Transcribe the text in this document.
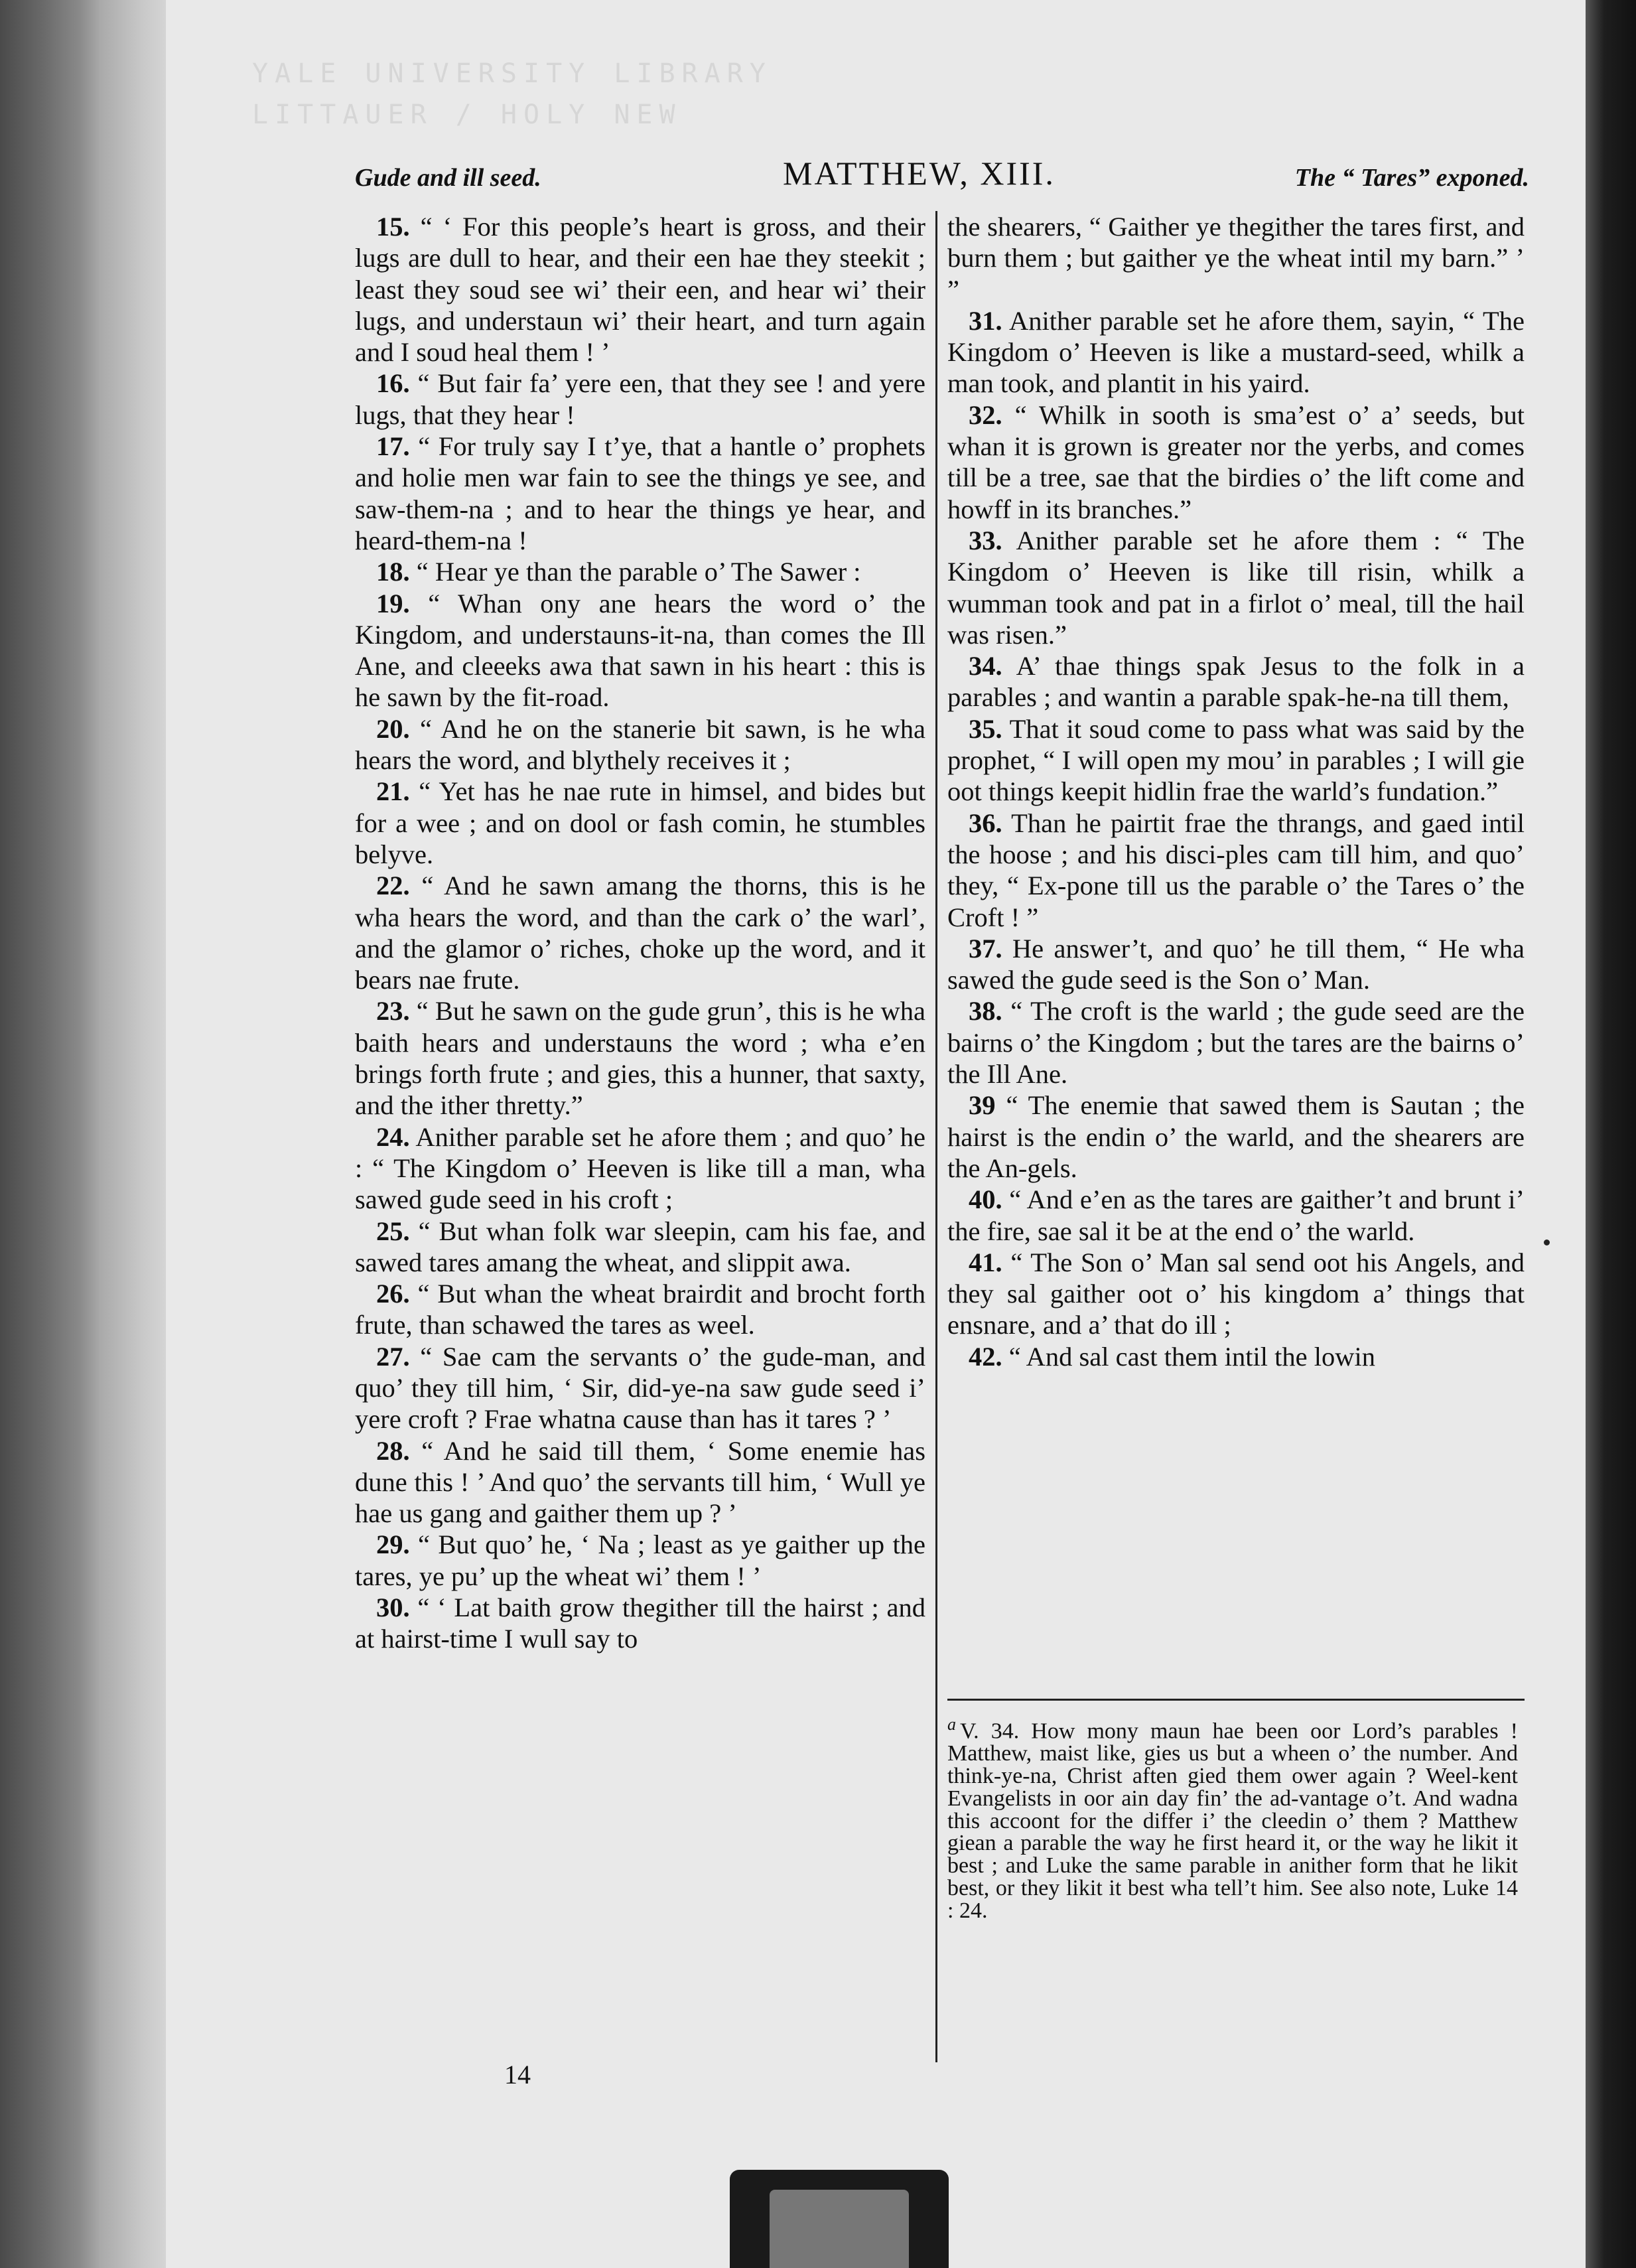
YALE UNIVERSITY LIBRARY
LITTAUER / HOLY NEW
Gude and ill seed.	MATTHEW, XIII.	The “ Tares” exponed.

15. “ ‘ For this people’s heart is gross, and their lugs are dull to hear, and their een hae they steekit ; least they soud see wi’ their een, and hear wi’ their lugs, and understaun wi’ their heart, and turn again and I soud heal them ! ’

16. “ But fair fa’ yere een, that they see ! and yere lugs, that they hear !

17. “ For truly say I t’ye, that a hantle o’ prophets and holie men war fain to see the things ye see, and saw-them-na ; and to hear the things ye hear, and heard-them-na !

18. “ Hear ye than the parable o’ The Sawer :

19. “ Whan ony ane hears the word o’ the Kingdom, and understauns-it-na, than comes the Ill Ane, and cleeeks awa that sawn in his heart : this is he sawn by the fit-road.

20. “ And he on the stanerie bit sawn, is he wha hears the word, and blythely receives it ;

21. “ Yet has he nae rute in himsel, and bides but for a wee ; and on dool or fash comin, he stumbles belyve.

22. “ And he sawn amang the thorns, this is he wha hears the word, and than the cark o’ the warl’, and the glamor o’ riches, choke up the word, and it bears nae frute.

23. “ But he sawn on the gude grun’, this is he wha baith hears and understauns the word ; wha e’en brings forth frute ; and gies, this a hunner, that saxty, and the ither thretty.”

24. Anither parable set he afore them ; and quo’ he : “ The Kingdom o’ Heeven is like till a man, wha sawed gude seed in his croft ;

25. “ But whan folk war sleepin, cam his fae, and sawed tares amang the wheat, and slippit awa.

26. “ But whan the wheat brairdit and brocht forth frute, than schawed the tares as weel.

27. “ Sae cam the servants o’ the gude-man, and quo’ they till him, ‘ Sir, did-ye-na saw gude seed i’ yere croft ? Frae whatna cause than has it tares ? ’

28. “ And he said till them, ‘ Some enemie has dune this ! ’ And quo’ the servants till him, ‘ Wull ye hae us gang and gaither them up ? ’

29. “ But quo’ he, ‘ Na ; least as ye gaither up the tares, ye pu’ up the wheat wi’ them ! ’

30. “ ‘ Lat baith grow thegither till the hairst ; and at hairst-time I wull say to

the shearers, “ Gaither ye thegither the tares first, and burn them ; but gaither ye the wheat intil my barn.” ’ ”

31. Anither parable set he afore them, sayin, “ The Kingdom o’ Heeven is like a mustard-seed, whilk a man took, and plantit in his yaird.

32. “ Whilk in sooth is sma’est o’ a’ seeds, but whan it is grown is greater nor the yerbs, and comes till be a tree, sae that the birdies o’ the lift come and howff in its branches.”

33. Anither parable set he afore them : “ The Kingdom o’ Heeven is like till risin, whilk a wumman took and pat in a firlot o’ meal, till the hail was risen.”

34. A’ thae things spak Jesus to the folk in a parables ; and wantin a parable spak-he-na till them,

35. That it soud come to pass what was said by the prophet, “ I will open my mou’ in parables ; I will gie oot things keepit hidlin frae the warld’s fundation.”

36. Than he pairtit frae the thrangs, and gaed intil the hoose ; and his disci-ples cam till him, and quo’ they, “ Ex-pone till us the parable o’ the Tares o’ the Croft ! ”

37. He answer’t, and quo’ he till them, “ He wha sawed the gude seed is the Son o’ Man.

38. “ The croft is the warld ; the gude seed are the bairns o’ the Kingdom ; but the tares are the bairns o’ the Ill Ane.

39 “ The enemie that sawed them is Sautan ; the hairst is the endin o’ the warld, and the shearers are the An-gels.

40. “ And e’en as the tares are gaither’t and brunt i’ the fire, sae sal it be at the end o’ the warld.

41. “ The Son o’ Man sal send oot his Angels, and they sal gaither oot o’ his kingdom a’ things that ensnare, and a’ that do ill ;

42. “ And sal cast them intil the lowin

$^a$ V. 34. How mony maun hae been oor Lord’s parables ! Matthew, maist like, gies us but a wheen o’ the number. And think-ye-na, Christ aften gied them ower again ? Weel-kent Evangelists in oor ain day fin’ the ad-vantage o’t. And wadna this accoont for the differ i’ the cleedin o’ them ? Matthew giean a parable the way he first heard it, or the way he likit it best ; and Luke the same parable in anither form that he likit best, or they likit it best wha tell’t him. See also note, Luke 14 : 24.

14
